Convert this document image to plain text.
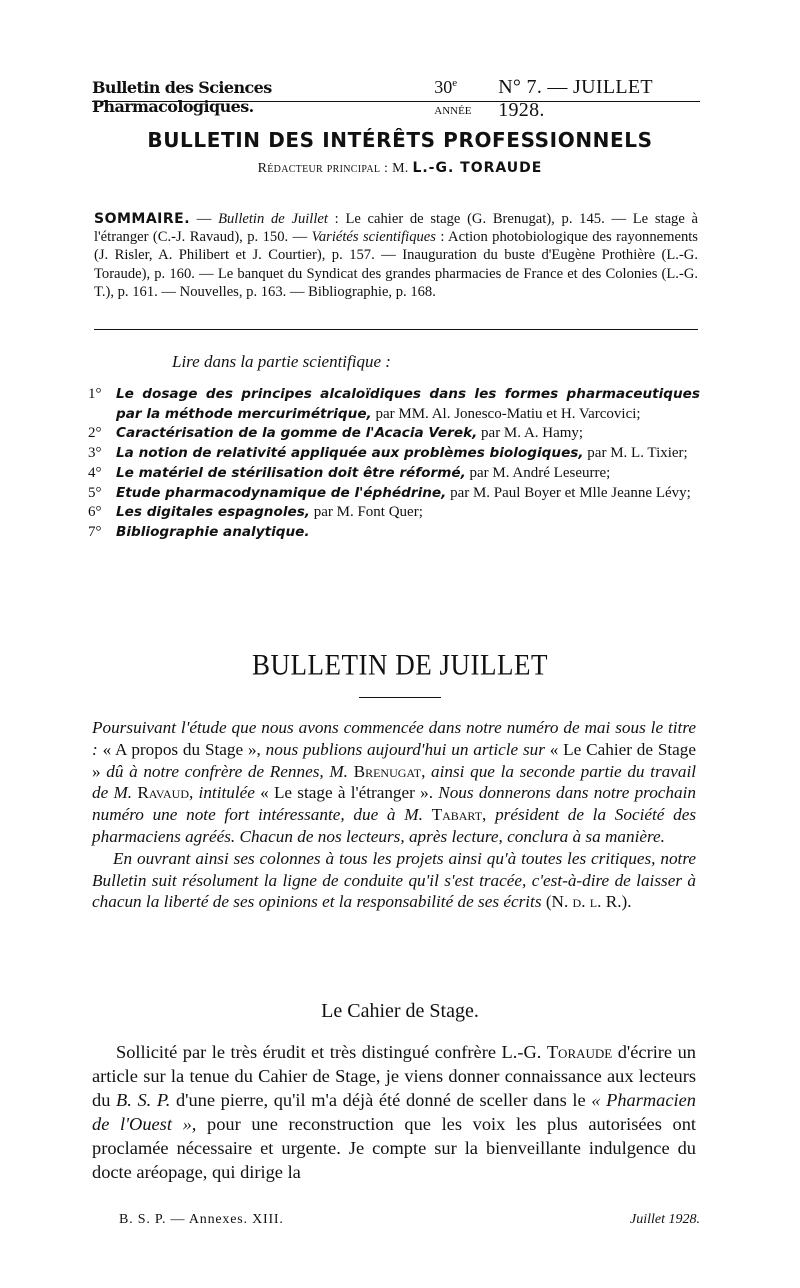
Bulletin des Sciences Pharmacologiques.
30e année
N° 7. — JUILLET 1928.
BULLETIN DES INTÉRÊTS PROFESSIONNELS
Rédacteur principal : M. L.-G. TORAUDE
SOMMAIRE. — Bulletin de Juillet : Le cahier de stage (G. Brenugat), p. 145. — Le stage à l'étranger (C.-J. Ravaud), p. 150. — Variétés scientifiques : Action photobiologique des rayonnements (J. Risler, A. Philibert et J. Courtier), p. 157. — Inauguration du buste d'Eugène Prothière (L.-G. Toraude), p. 160. — Le banquet du Syndicat des grandes pharmacies de France et des Colonies (L.-G. T.), p. 161. — Nouvelles, p. 163. — Bibliographie, p. 168.
Lire dans la partie scientifique :
1°	Le dosage des principes alcaloïdiques dans les formes pharmaceutiques par la méthode mercurimétrique, par MM. Al. Jonesco-Matiu et H. Varcovici;
2°	Caractérisation de la gomme de l'Acacia Verek, par M. A. Hamy;
3°	La notion de relativité appliquée aux problèmes biologiques, par M. L. Tixier;
4°	Le matériel de stérilisation doit être réformé, par M. André Leseurre;
5°	Etude pharmacodynamique de l'éphédrine, par M. Paul Boyer et Mlle Jeanne Lévy;
6°	Les digitales espagnoles, par M. Font Quer;
7°	Bibliographie analytique.
BULLETIN DE JUILLET
Poursuivant l'étude que nous avons commencée dans notre numéro de mai sous le titre : « A propos du Stage », nous publions aujourd'hui un article sur « Le Cahier de Stage » dû à notre confrère de Rennes, M. Brenugat, ainsi que la seconde partie du travail de M. Ravaud, intitulée « Le stage à l'étranger ». Nous donnerons dans notre prochain numéro une note fort intéressante, due à M. Tabart, président de la Société des pharmaciens agréés. Chacun de nos lecteurs, après lecture, conclura à sa manière.
En ouvrant ainsi ses colonnes à tous les projets ainsi qu'à toutes les critiques, notre Bulletin suit résolument la ligne de conduite qu'il s'est tracée, c'est-à-dire de laisser à chacun la liberté de ses opinions et la responsabilité de ses écrits (N. d. l. R.).
Le Cahier de Stage.

Sollicité par le très érudit et très distingué confrère L.-G. Toraude d'écrire un article sur la tenue du Cahier de Stage, je viens donner connaissance aux lecteurs du B. S. P. d'une pierre, qu'il m'a déjà été donné de sceller dans le « Pharmacien de l'Ouest », pour une reconstruction que les voix les plus autorisées ont proclamée nécessaire et urgente. Je compte sur la bienveillante indulgence du docte aréopage, qui dirige la

B. S. P. — Annexes. XIII.	Juillet 1928.
